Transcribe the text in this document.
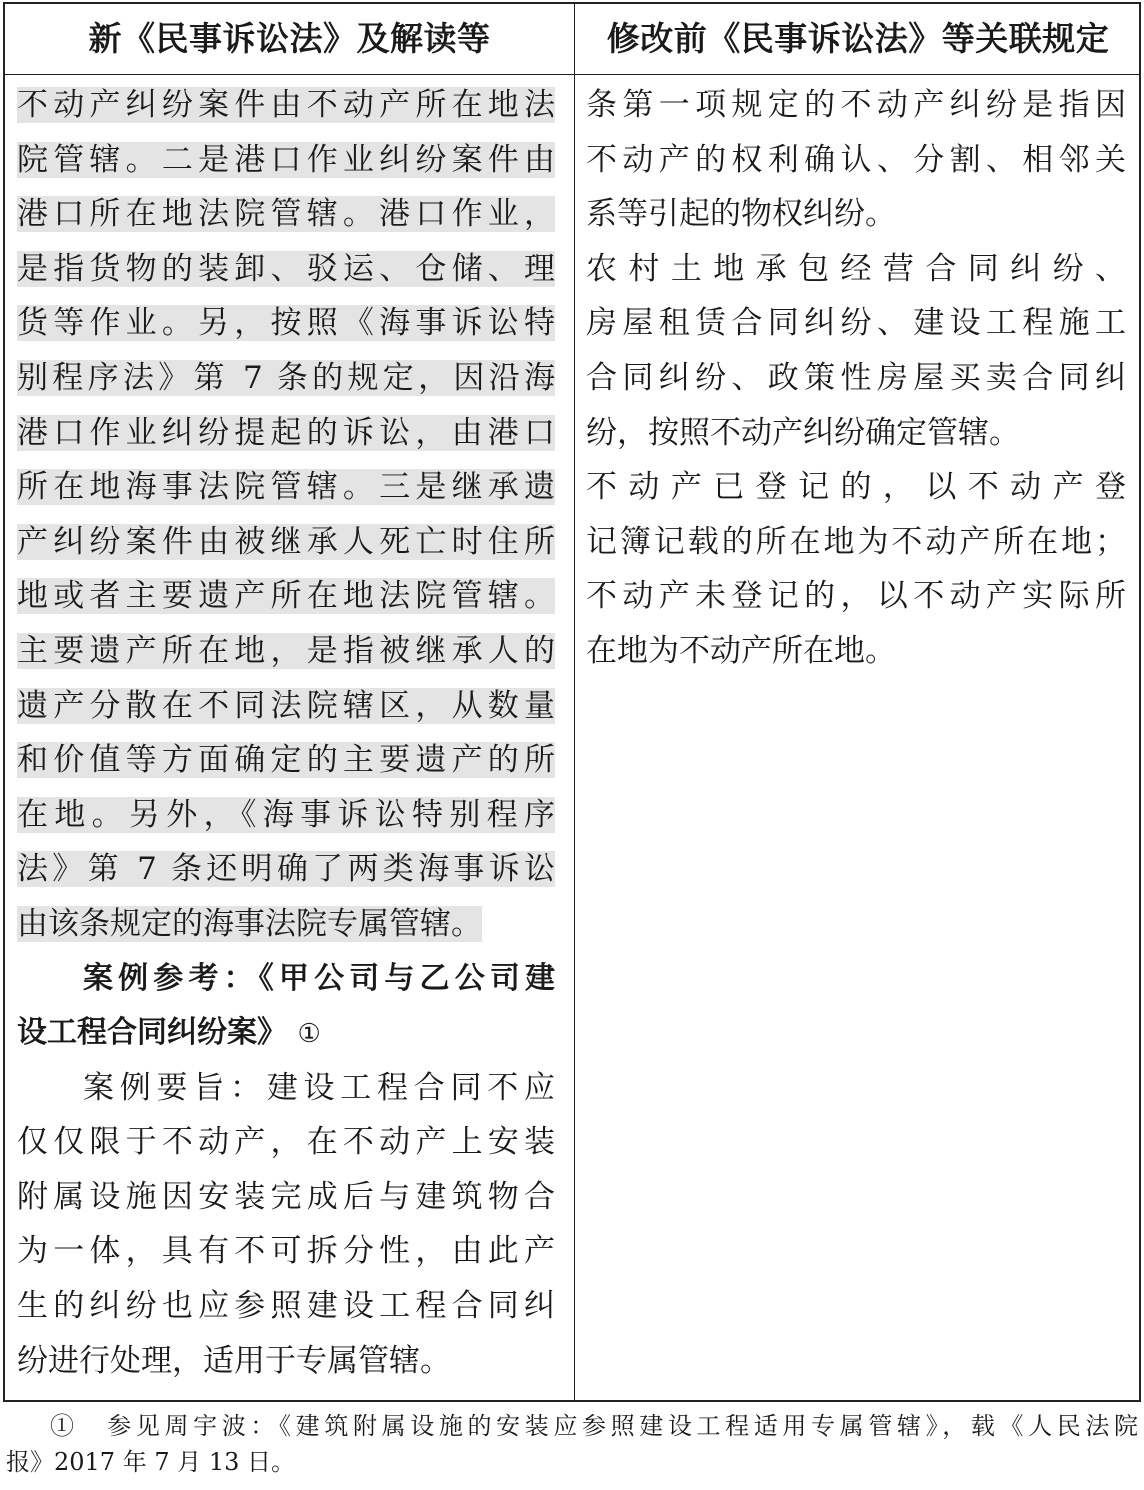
新《民事诉讼法》及解读等	修改前《民事诉讼法》等关联规定
不动产纠纷案件由不动产所在地法
院管辖。二是港口作业纠纷案件由
港口所在地法院管辖。港口作业，
是指货物的装卸、驳运、仓储、理
货等作业。另，按照《海事诉讼特
别程序法》第 7 条的规定，因沿海
港口作业纠纷提起的诉讼，由港口
所在地海事法院管辖。三是继承遗
产纠纷案件由被继承人死亡时住所
地或者主要遗产所在地法院管辖。
主要遗产所在地，是指被继承人的
遗产分散在不同法院辖区，从数量
和价值等方面确定的主要遗产的所
在地。另外，《海事诉讼特别程序
法》第 7 条还明确了两类海事诉讼
由该条规定的海事法院专属管辖。
案例参考：《甲公司与乙公司建
设工程合同纠纷案》 ①
案例要旨：建设工程合同不应
仅仅限于不动产，在不动产上安装
附属设施因安装完成后与建筑物合
为一体，具有不可拆分性，由此产
生的纠纷也应参照建设工程合同纠
纷进行处理，适用于专属管辖。
条第一项规定的不动产纠纷是指因
不动产的权利确认、分割、相邻关
系等引起的物权纠纷。
农村土地承包经营合同纠纷、
房屋租赁合同纠纷、建设工程施工
合同纠纷、政策性房屋买卖合同纠
纷，按照不动产纠纷确定管辖。
不动产已登记的，以不动产登
记簿记载的所在地为不动产所在地；
不动产未登记的，以不动产实际所
在地为不动产所在地。
①　参见周宇波：《建筑附属设施的安装应参照建设工程适用专属管辖》，载《人民法院
报》2017 年 7 月 13 日。
